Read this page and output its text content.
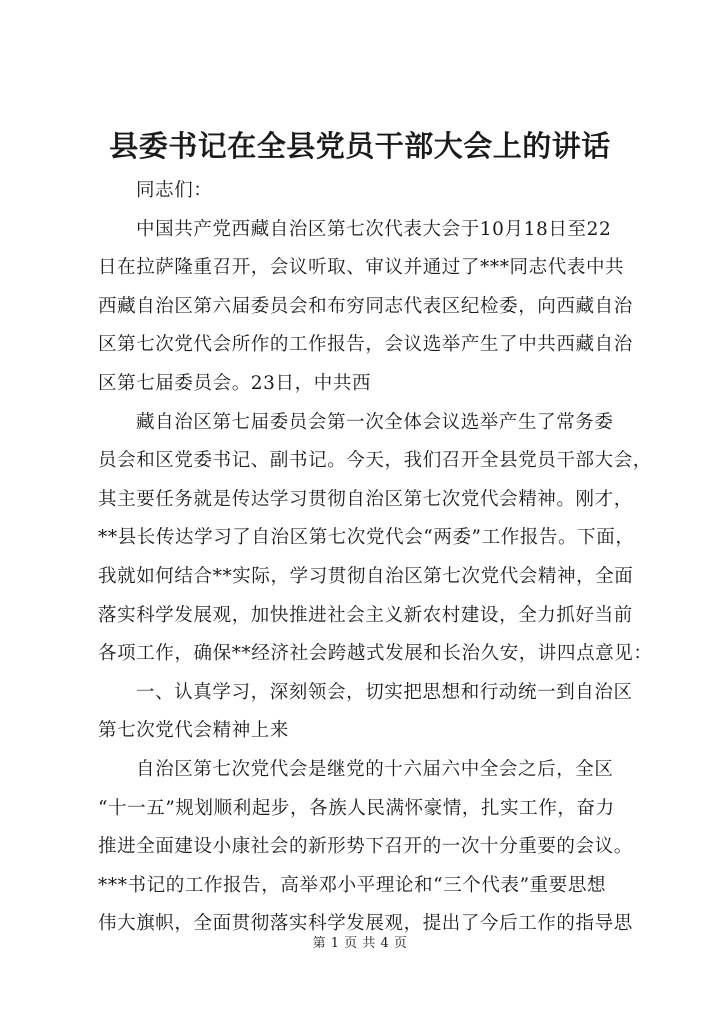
县委书记在全县党员干部大会上的讲话
同志们：
中国共产党西藏自治区第七次代表大会于10月18日至22
日在拉萨隆重召开，会议听取、审议并通过了***同志代表中共
西藏自治区第六届委员会和布穷同志代表区纪检委，向西藏自治
区第七次党代会所作的工作报告，会议选举产生了中共西藏自治
区第七届委员会。23日，中共西
藏自治区第七届委员会第一次全体会议选举产生了常务委
员会和区党委书记、副书记。今天，我们召开全县党员干部大会，
其主要任务就是传达学习贯彻自治区第七次党代会精神。刚才，
**县长传达学习了自治区第七次党代会“两委”工作报告。下面，
我就如何结合**实际，学习贯彻自治区第七次党代会精神，全面
落实科学发展观，加快推进社会主义新农村建设，全力抓好当前
各项工作，确保**经济社会跨越式发展和长治久安，讲四点意见：
一、认真学习，深刻领会，切实把思想和行动统一到自治区
第七次党代会精神上来
自治区第七次党代会是继党的十六届六中全会之后，全区
“十一五”规划顺利起步，各族人民满怀豪情，扎实工作，奋力
推进全面建设小康社会的新形势下召开的一次十分重要的会议。
***书记的工作报告，高举邓小平理论和“三个代表”重要思想
伟大旗帜，全面贯彻落实科学发展观，提出了今后工作的指导思
第 1 页 共 4 页
